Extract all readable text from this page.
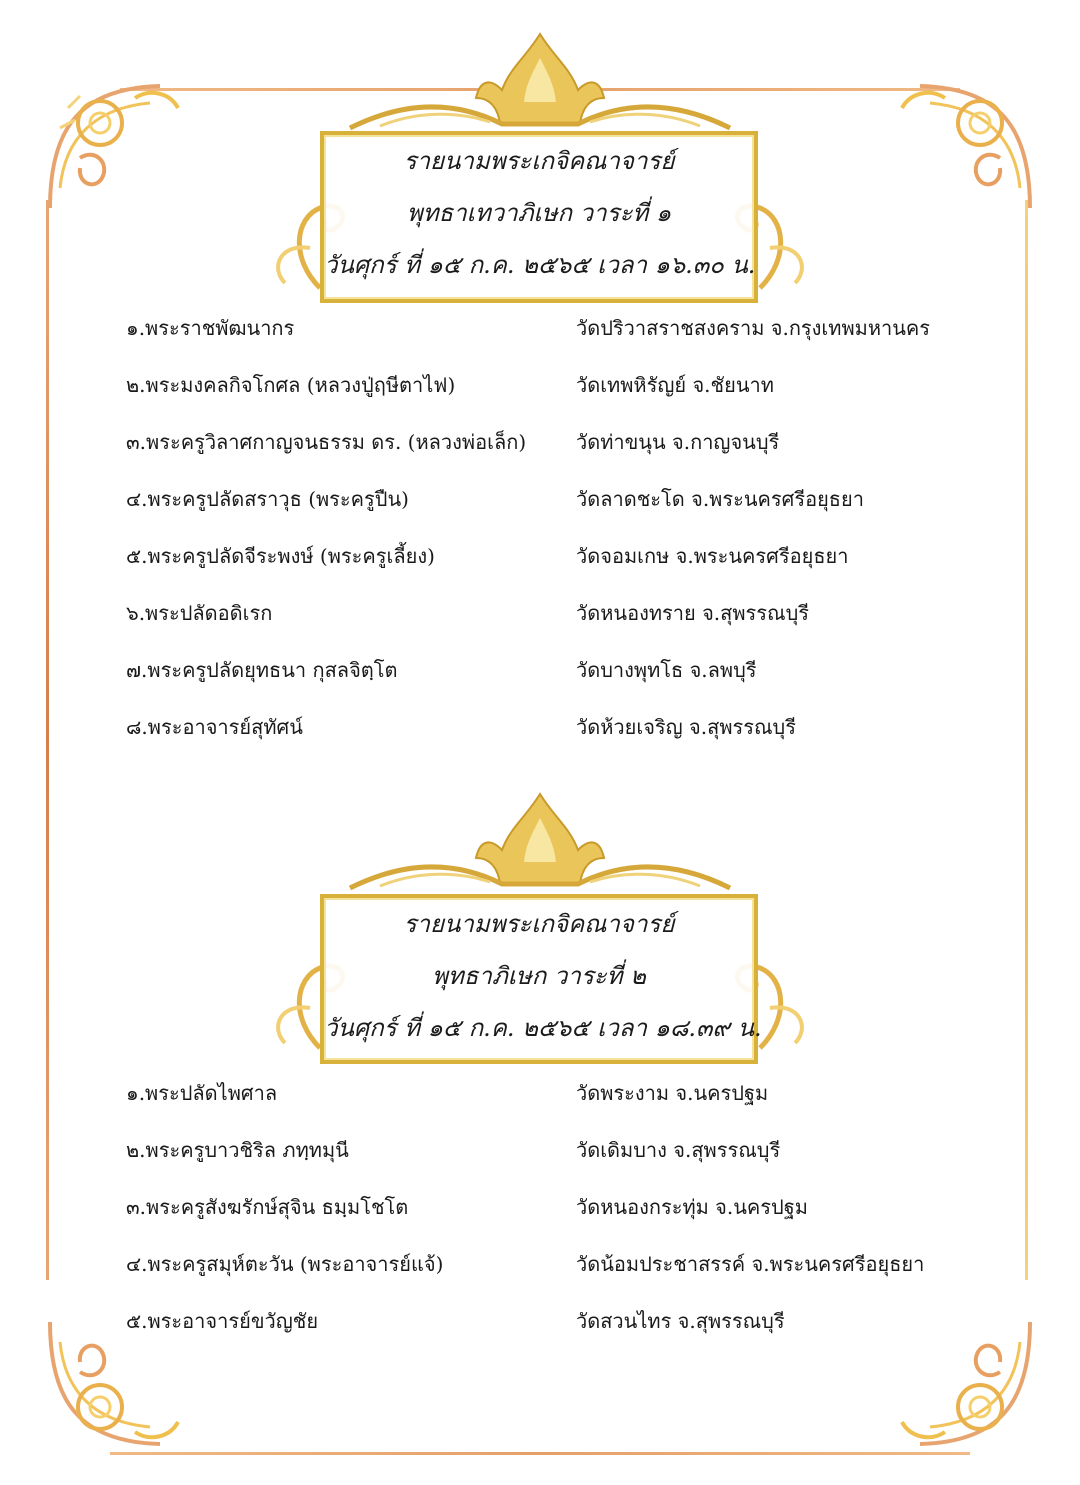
รายนามพระเกจิคณาจารย์
พุทธาเทวาภิเษก วาระที่ ๑
วันศุกร์ ที่ ๑๕ ก.ค. ๒๕๖๕ เวลา ๑๖.๓๐ น.
๑.พระราชพัฒนากร	วัดปริวาสราชสงคราม จ.กรุงเทพมหานคร
๒.พระมงคลกิจโกศล (หลวงปู่ฤษีตาไฟ)	วัดเทพหิรัญย์ จ.ชัยนาท
๓.พระครูวิลาศกาญจนธรรม ดร. (หลวงพ่อเล็ก) วัดท่าขนุน จ.กาญจนบุรี
๔.พระครูปลัดสราวุธ (พระครูปืน)	วัดลาดชะโด จ.พระนครศรีอยุธยา
๕.พระครูปลัดจีระพงษ์ (พระครูเลี้ยง)	วัดจอมเกษ จ.พระนครศรีอยุธยา
๖.พระปลัดอดิเรก	วัดหนองทราย จ.สุพรรณบุรี
๗.พระครูปลัดยุทธนา กุสลจิตฺโต	วัดบางพุทโธ จ.ลพบุรี
๘.พระอาจารย์สุทัศน์	วัดห้วยเจริญ จ.สุพรรณบุรี
รายนามพระเกจิคณาจารย์
พุทธาภิเษก วาระที่ ๒
วันศุกร์ ที่ ๑๕ ก.ค. ๒๕๖๕ เวลา ๑๘.๓๙ น.
๑.พระปลัดไพศาล	วัดพระงาม จ.นครปฐม
๒.พระครูบาวชิริล ภทฺทมุนี	วัดเดิมบาง จ.สุพรรณบุรี
๓.พระครูสังฆรักษ์สุจิน ธมฺมโชโต	วัดหนองกระทุ่ม จ.นครปฐม
๔.พระครูสมุห์ตะวัน (พระอาจารย์แจ้)	วัดน้อมประชาสรรค์ จ.พระนครศรีอยุธยา
๕.พระอาจารย์ขวัญชัย	วัดสวนไทร จ.สุพรรณบุรี
